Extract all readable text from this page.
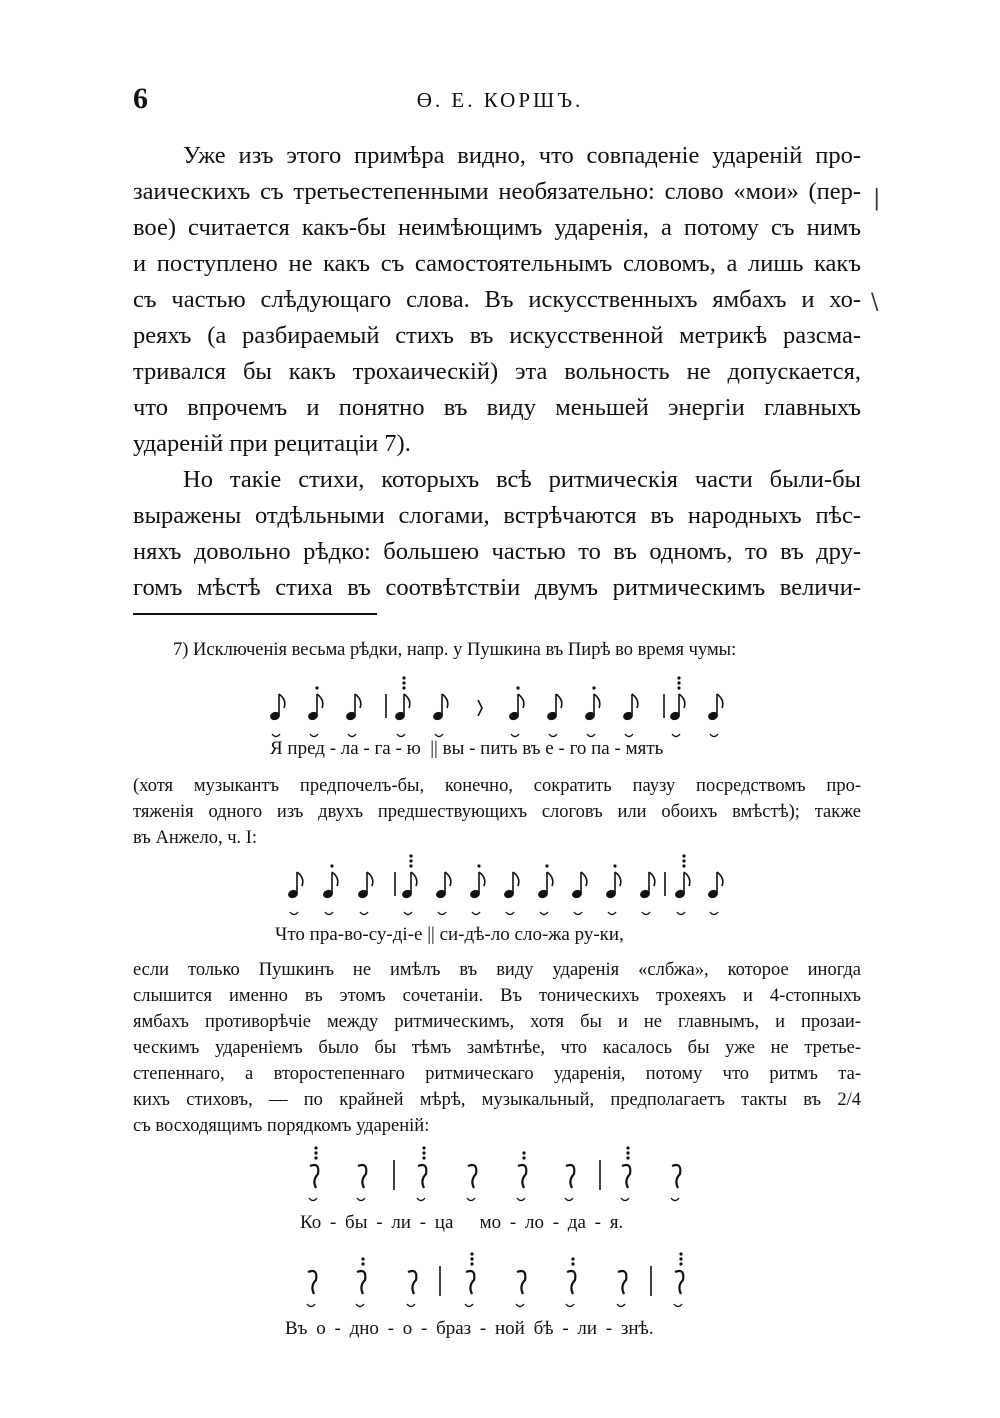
6	Ө. Е. КОРШЪ.
Уже изъ этого примѣра видно, что совпаденіе удареній про-
заическихъ съ третьестепенными необязательно: слово «мои» (пер-
вое) считается какъ-бы неимѣющимъ ударенія, а потому съ нимъ
и поступлено не какъ съ самостоятельнымъ словомъ, а лишь какъ
съ частью слѣдующаго слова. Въ искусственныхъ ямбахъ и хо-
реяхъ (а разбираемый стихъ въ искусственной метрикѣ разсма-
тривался бы какъ трохаическій) эта вольность не допускается,
что впрочемъ и понятно въ виду меньшей энергіи главныхъ
удареній при рецитаціи 7).
Но такіе стихи, которыхъ всѣ ритмическія части были-бы
выражены отдѣльными слогами, встрѣчаются въ народныхъ пѣс-
няхъ довольно рѣдко: большею частью то въ одномъ, то въ дру-
гомъ мѣстѣ стиха въ соотвѣтствіи двумъ ритмическимъ величи-
7) Исключенія весьма рѣдки, напр. у Пушкина въ Пирѣ во время чумы:
Я пред - ла - га - ю  || вы - пить въ е - го па - мять
(хотя музыкантъ предпочелъ-бы, конечно, сократить паузу посредствомъ про-
тяженія одного изъ двухъ предшествующихъ слоговъ или обоихъ вмѣстѣ); также
въ Анжело, ч. I:
Что пра-во-су-ді-е || си-дѣ-ло сло-жа ру-ки,
если только Пушкинъ не имѣлъ въ виду ударенія «слбжа», которое иногда
слышится именно въ этомъ сочетаніи. Въ тоническихъ трохеяхъ и 4-стопныхъ
ямбахъ противорѣчіе между ритмическимъ, хотя бы и не главнымъ, и прозаи-
ческимъ удареніемъ было бы тѣмъ замѣтнѣе, что касалось бы уже не третье-
степеннаго, а второстепеннаго ритмическаго ударенія, потому что ритмъ та-
кихъ стиховъ, — по крайней мѣрѣ, музыкальный, предполагаетъ такты въ 2/4
съ восходящимъ порядкомъ удареній:
Ко - бы - ли - ца   мо - ло - да - я.
Въ о - дно - о - браз - ной бѣ - ли - знѣ.
|
\
